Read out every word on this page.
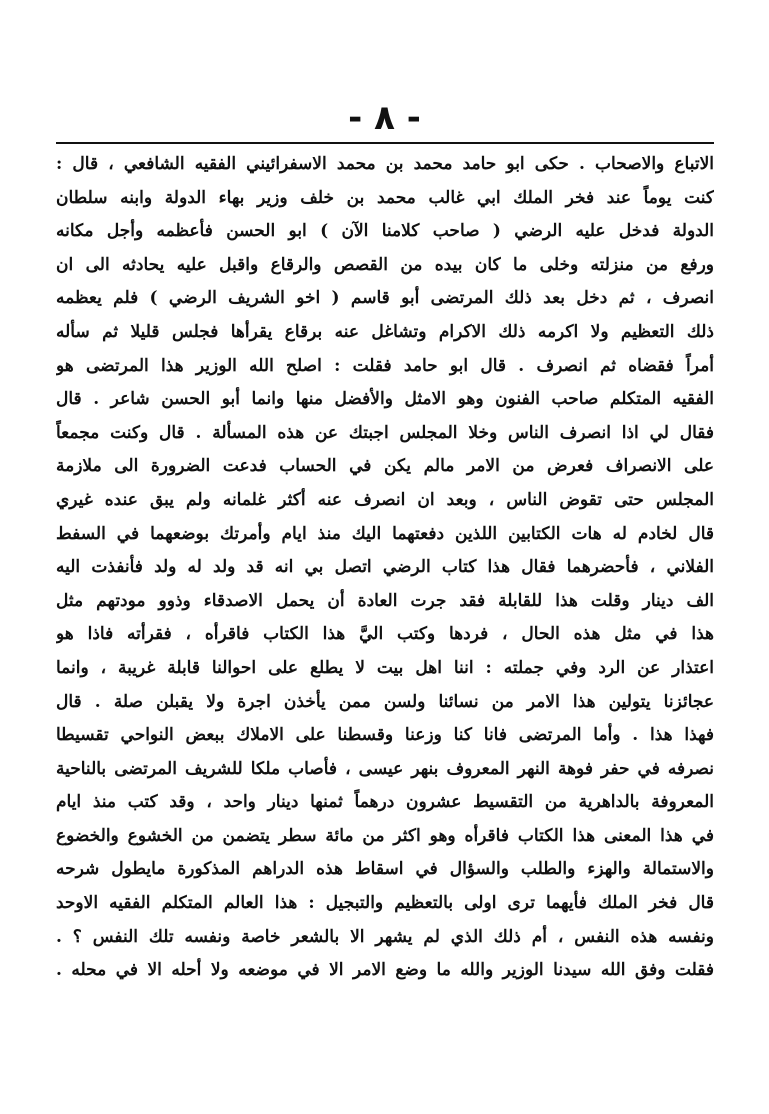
- ٨ -
الاتباع والاصحاب . حكى ابو حامد محمد بن محمد الاسفرائيني الفقيه الشافعي ، قال :
كنت يوماً عند فخر الملك ابي غالب محمد بن خلف وزير بهاء الدولة وابنه سلطان
الدولة فدخل عليه الرضي ( صاحب كلامنا الآن ) ابو الحسن فأعظمه وأجل مكانه
ورفع من منزلته وخلى ما كان بيده من القصص والرقاع واقبل عليه يحادثه الى ان
انصرف ، ثم دخل بعد ذلك المرتضى أبو قاسم ( اخو الشريف الرضي ) فلم يعظمه
ذلك التعظيم ولا اكرمه ذلك الاكرام وتشاغل عنه برقاع يقرأها فجلس قليلا ثم سأله
أمراً فقضاه ثم انصرف . قال ابو حامد فقلت : اصلح الله الوزير هذا المرتضى هو
الفقيه المتكلم صاحب الفنون وهو الامثل والأفضل منها وانما أبو الحسن شاعر . قال
فقال لي اذا انصرف الناس وخلا المجلس اجبتك عن هذه المسألة . قال وكنت مجمعاً
على الانصراف فعرض من الامر مالم يكن في الحساب فدعت الضرورة الى ملازمة
المجلس حتى تقوض الناس ، وبعد ان انصرف عنه أكثر غلمانه ولم يبق عنده غيري
قال لخادم له هات الكتابين اللذين دفعتهما اليك منذ ايام وأمرتك بوضعهما في السفط
الفلاني ، فأحضرهما فقال هذا كتاب الرضي اتصل بي انه قد ولد له ولد فأنفذت اليه
الف دينار وقلت هذا للقابلة فقد جرت العادة أن يحمل الاصدقاء وذوو مودتهم مثل
هذا في مثل هذه الحال ، فردها وكتب اليَّ هذا الكتاب فاقرأه ، فقرأته فاذا هو
اعتذار عن الرد وفي جملته : اننا اهل بيت لا يطلع على احوالنا قابلة غريبة ، وانما
عجائزنا يتولين هذا الامر من نسائنا ولسن ممن يأخذن اجرة ولا يقبلن صلة . قال
فهذا هذا . وأما المرتضى فانا كنا وزعنا وقسطنا على الاملاك ببعض النواحي تقسيطا
نصرفه في حفر فوهة النهر المعروف بنهر عيسى ، فأصاب ملكا للشريف المرتضى بالناحية
المعروفة بالداهرية من التقسيط عشرون درهماً ثمنها دينار واحد ، وقد كتب منذ ايام
في هذا المعنى هذا الكتاب فاقرأه وهو اكثر من مائة سطر يتضمن من الخشوع والخضوع
والاستمالة والهزء والطلب والسؤال في اسقاط هذه الدراهم المذكورة مايطول شرحه
قال فخر الملك فأيهما ترى اولى بالتعظيم والتبجيل : هذا العالم المتكلم الفقيه الاوحد
ونفسه هذه النفس ، أم ذلك الذي لم يشهر الا بالشعر خاصة ونفسه تلك النفس ؟ .
فقلت وفق الله سيدنا الوزير والله ما وضع الامر الا في موضعه ولا أحله الا في محله .
